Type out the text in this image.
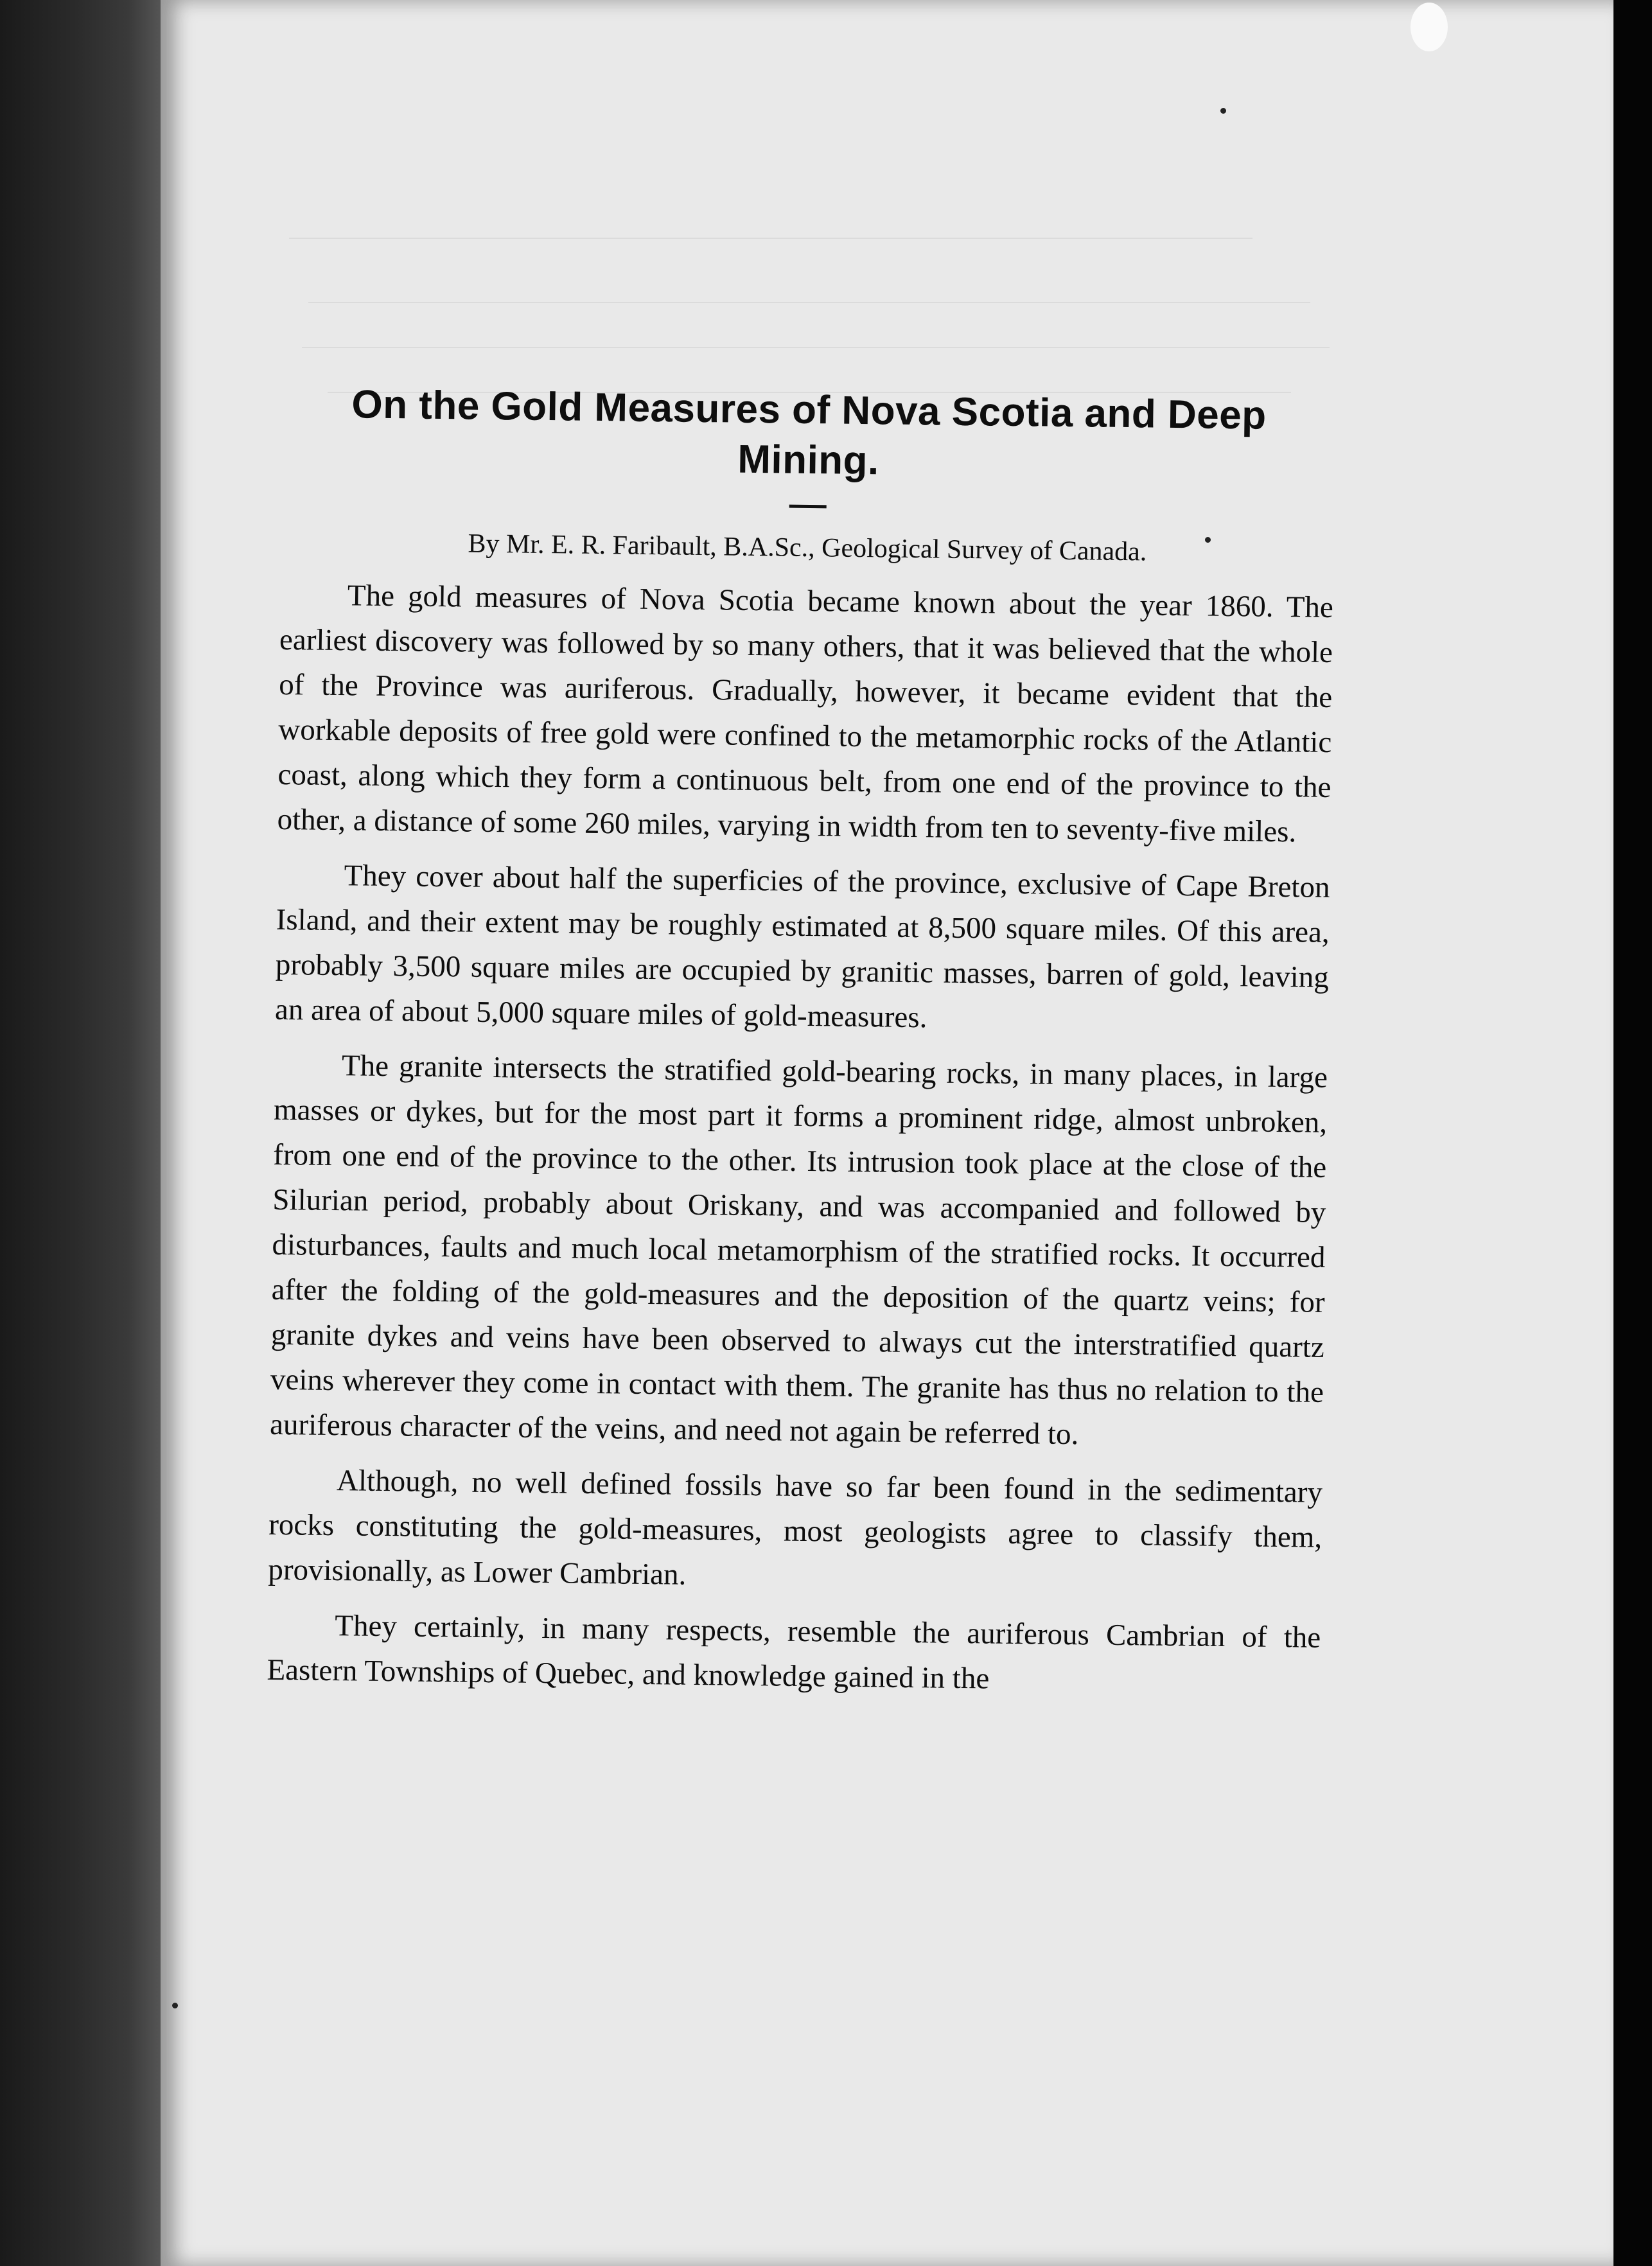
On the Gold Measures of Nova Scotia and Deep Mining.

By Mr. E. R. Faribault, B.A.Sc., Geological Survey of Canada.

The gold measures of Nova Scotia became known about the year 1860. The earliest discovery was followed by so many others, that it was believed that the whole of the Province was auriferous. Gradually, however, it became evident that the workable deposits of free gold were confined to the metamorphic rocks of the Atlantic coast, along which they form a continuous belt, from one end of the province to the other, a distance of some 260 miles, varying in width from ten to seventy-five miles.

They cover about half the superficies of the province, exclusive of Cape Breton Island, and their extent may be roughly estimated at 8,500 square miles. Of this area, probably 3,500 square miles are occupied by granitic masses, barren of gold, leaving an area of about 5,000 square miles of gold-measures.

The granite intersects the stratified gold-bearing rocks, in many places, in large masses or dykes, but for the most part it forms a prominent ridge, almost unbroken, from one end of the province to the other. Its intrusion took place at the close of the Silurian period, probably about Oriskany, and was accompanied and followed by disturbances, faults and much local metamorphism of the stratified rocks. It occurred after the folding of the gold-measures and the deposition of the quartz veins; for granite dykes and veins have been observed to always cut the interstratified quartz veins wherever they come in contact with them. The granite has thus no relation to the auriferous character of the veins, and need not again be referred to.

Although, no well defined fossils have so far been found in the sedimentary rocks constituting the gold-measures, most geologists agree to classify them, provisionally, as Lower Cambrian.

They certainly, in many respects, resemble the auriferous Cambrian of the Eastern Townships of Quebec, and knowledge gained in the
